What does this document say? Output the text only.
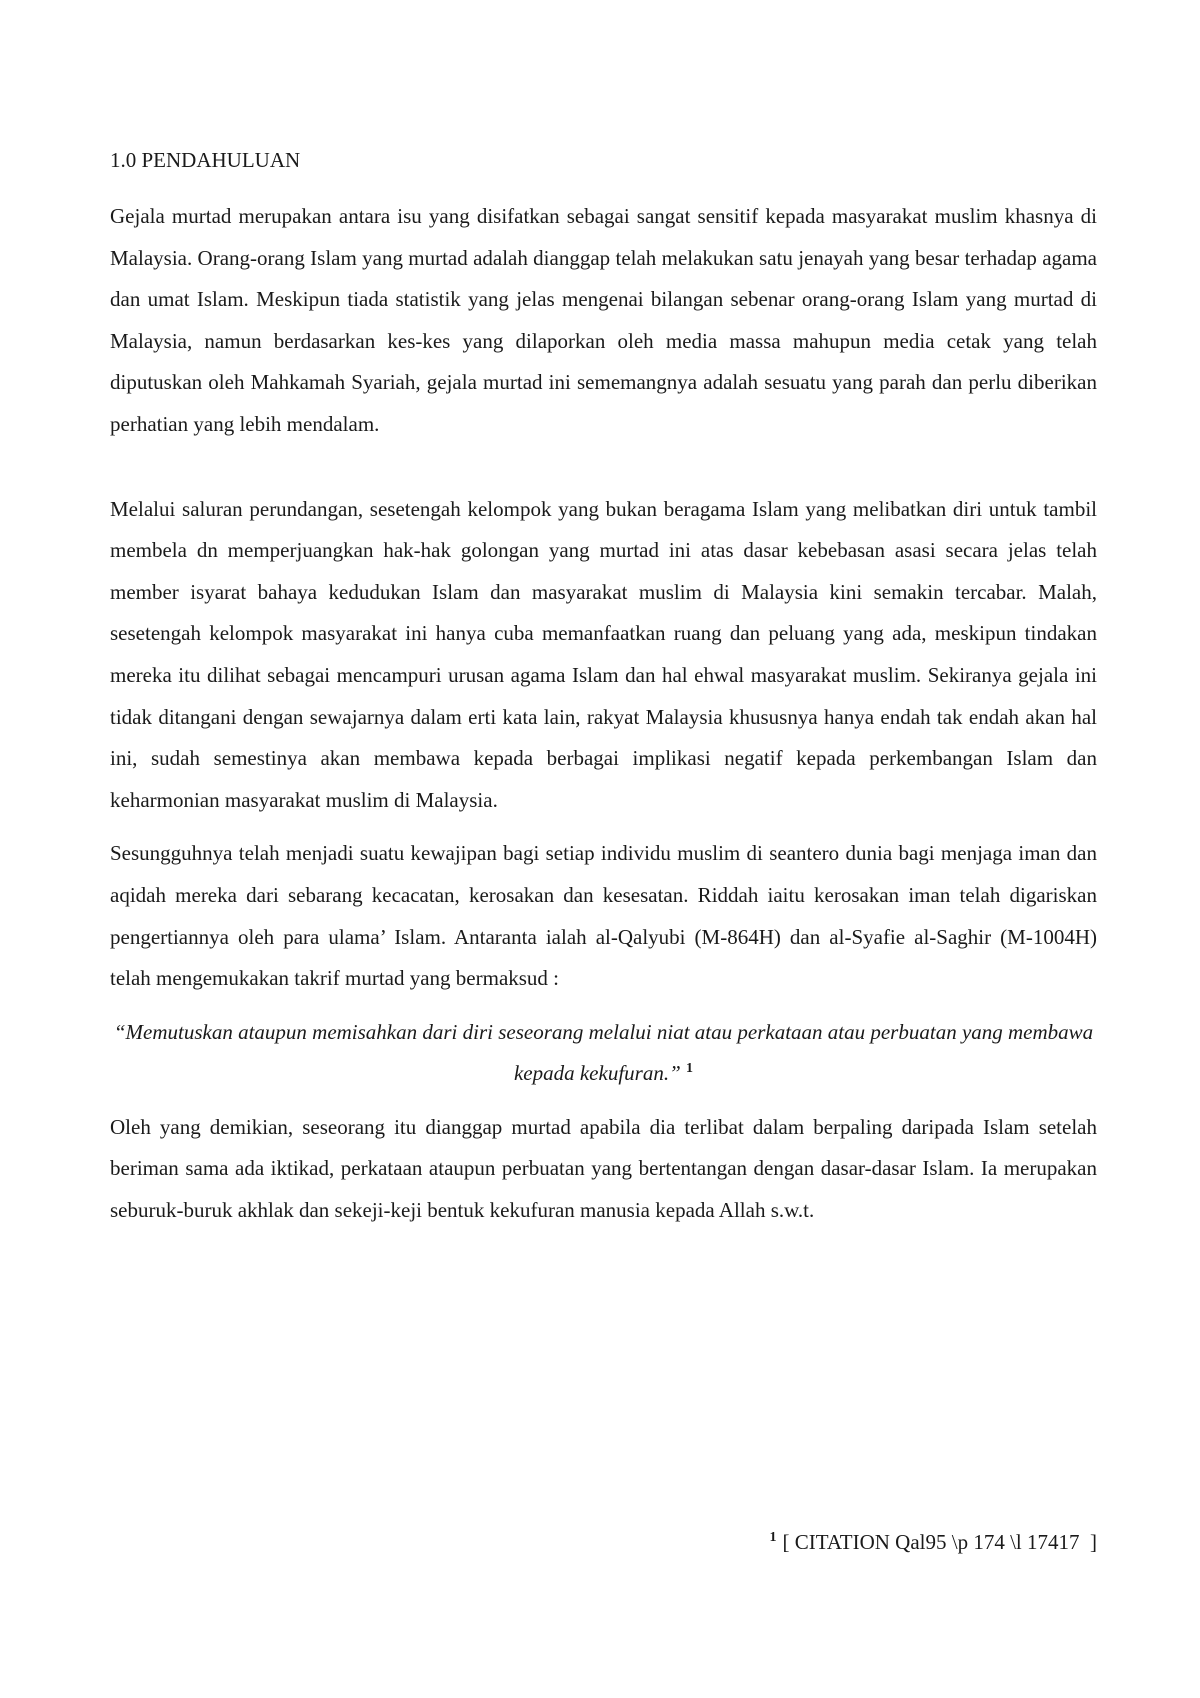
1.0 PENDAHULUAN

Gejala murtad merupakan antara isu yang disifatkan sebagai sangat sensitif kepada masyarakat muslim khasnya di Malaysia. Orang-orang Islam yang murtad adalah dianggap telah melakukan satu jenayah yang besar terhadap agama dan umat Islam. Meskipun tiada statistik yang jelas mengenai bilangan sebenar orang-orang Islam yang murtad di Malaysia, namun berdasarkan kes-kes yang dilaporkan oleh media massa mahupun media cetak yang telah diputuskan oleh Mahkamah Syariah, gejala murtad ini sememangnya adalah sesuatu yang parah dan perlu diberikan perhatian yang lebih mendalam.

Melalui saluran perundangan, sesetengah kelompok yang bukan beragama Islam yang melibatkan diri untuk tambil membela dn memperjuangkan hak-hak golongan yang murtad ini atas dasar kebebasan asasi secara jelas telah member isyarat bahaya kedudukan Islam dan masyarakat muslim di Malaysia kini semakin tercabar. Malah, sesetengah kelompok masyarakat ini hanya cuba memanfaatkan ruang dan peluang yang ada, meskipun tindakan mereka itu dilihat sebagai mencampuri urusan agama Islam dan hal ehwal masyarakat muslim. Sekiranya gejala ini tidak ditangani dengan sewajarnya dalam erti kata lain, rakyat Malaysia khususnya hanya endah tak endah akan hal ini, sudah semestinya akan membawa kepada berbagai implikasi negatif kepada perkembangan Islam dan keharmonian masyarakat muslim di Malaysia.

Sesungguhnya telah menjadi suatu kewajipan bagi setiap individu muslim di seantero dunia bagi menjaga iman dan aqidah mereka dari sebarang kecacatan, kerosakan dan kesesatan. Riddah iaitu kerosakan iman telah digariskan pengertiannya oleh para ulama’ Islam. Antaranta ialah al-Qalyubi (M-864H) dan al-Syafie al-Saghir (M-1004H) telah mengemukakan takrif murtad yang bermaksud :

“Memutuskan ataupun memisahkan dari diri seseorang melalui niat atau perkataan atau perbuatan yang membawa kepada kekufuran.” $^1$

Oleh yang demikian, seseorang itu dianggap murtad apabila dia terlibat dalam berpaling daripada Islam setelah beriman sama ada iktikad, perkataan ataupun perbuatan yang bertentangan dengan dasar-dasar Islam. Ia merupakan seburuk-buruk akhlak dan sekeji-keji bentuk kekufuran manusia kepada Allah s.w.t.

$^1$ [ CITATION Qal95 \p 174 \l 17417  ]
